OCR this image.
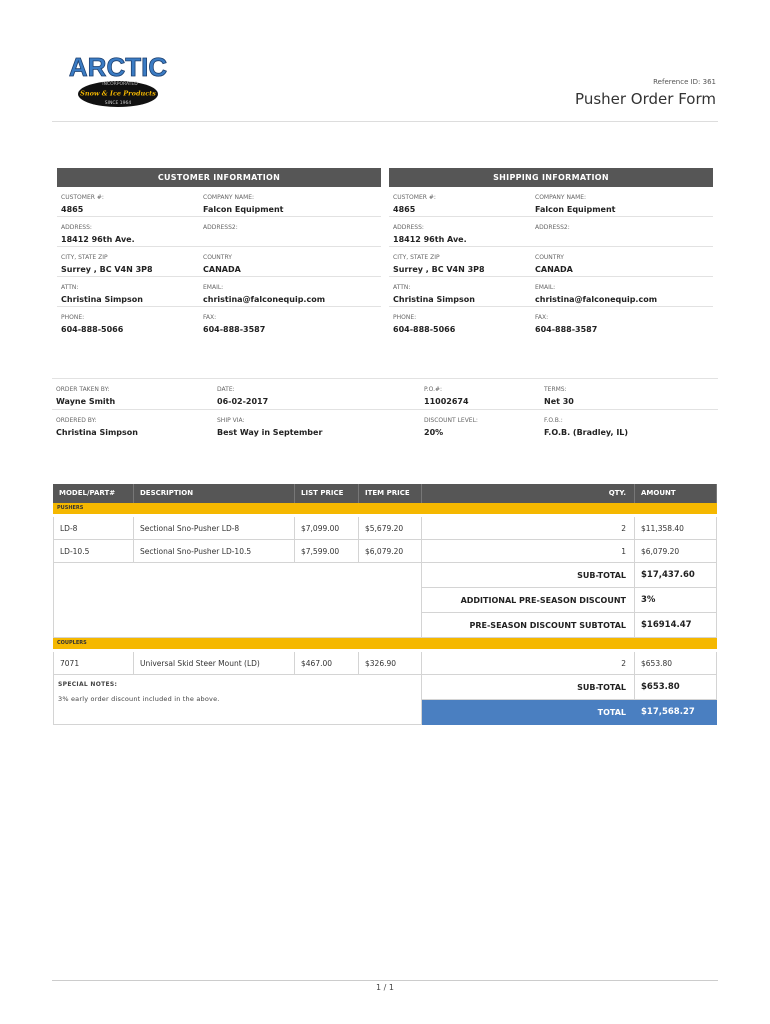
ARCTIC
INCORPORATED
Snow & Ice Products
SINCE 1964
Reference ID: 361
Pusher Order Form
CUSTOMER INFORMATION
CUSTOMER #:
4865
COMPANY NAME:
Falcon Equipment
ADDRESS:
18412 96th Ave.
ADDRESS2:
CITY, STATE ZIP
Surrey , BC V4N 3P8
COUNTRY
CANADA
ATTN:
Christina Simpson
EMAIL:
christina@falconequip.com
PHONE:
604-888-5066
FAX:
604-888-3587
SHIPPING INFORMATION
CUSTOMER #:
4865
COMPANY NAME:
Falcon Equipment
ADDRESS:
18412 96th Ave.
ADDRESS2:
CITY, STATE ZIP
Surrey , BC V4N 3P8
COUNTRY
CANADA
ATTN:
Christina Simpson
EMAIL:
christina@falconequip.com
PHONE:
604-888-5066
FAX:
604-888-3587
ORDER TAKEN BY:
Wayne Smith
DATE:
06-02-2017
P.O.#:
11002674
TERMS:
Net 30
ORDERED BY:
Christina Simpson
SHIP VIA:
Best Way in September
DISCOUNT LEVEL:
20%
F.O.B.:
F.O.B. (Bradley, IL)
MODEL/PART#	DESCRIPTION	LIST PRICE	ITEM PRICE	QTY.	AMOUNT
PUSHERS
LD-8	Sectional Sno-Pusher LD-8	$7,099.00	$5,679.20	2	$11,358.40
LD-10.5	Sectional Sno-Pusher LD-10.5	$7,599.00	$6,079.20	1	$6,079.20
SUB-TOTAL	$17,437.60
ADDITIONAL PRE-SEASON DISCOUNT	3%
PRE-SEASON DISCOUNT SUBTOTAL	$16914.47
COUPLERS
7071	Universal Skid Steer Mount (LD)	$467.00	$326.90	2	$653.80
SPECIAL NOTES:
3% early order discount included in the above.
SUB-TOTAL	$653.80
TOTAL	$17,568.27
1 / 1
